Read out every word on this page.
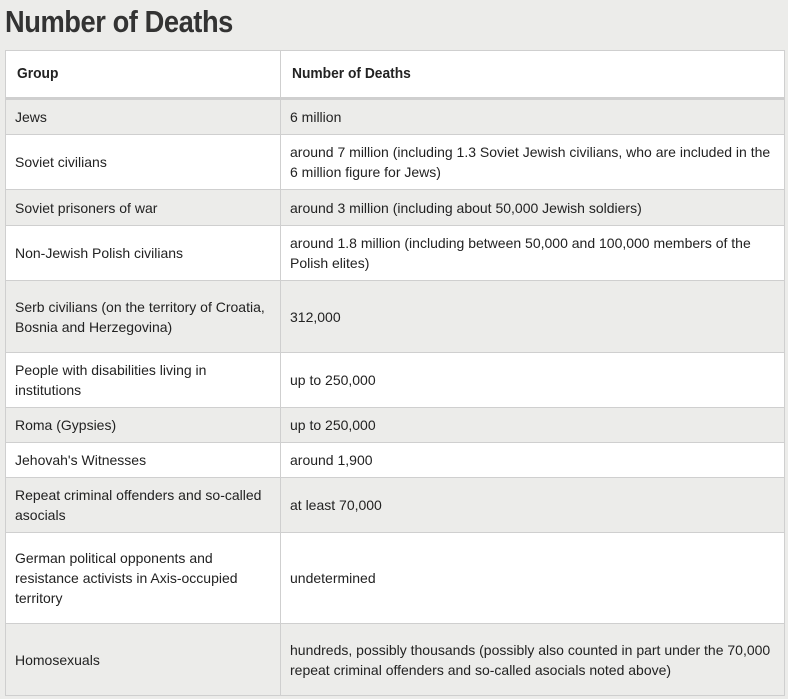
Number of Deaths
Group	Number of Deaths
Jews	6 million
Soviet civilians	around 7 million (including 1.3 Soviet Jewish civilians, who are included in the 6 million figure for Jews)
Soviet prisoners of war	around 3 million (including about 50,000 Jewish soldiers)
Non-Jewish Polish civilians	around 1.8 million (including between 50,000 and 100,000 members of the Polish elites)
Serb civilians (on the territory of Croatia, Bosnia and Herzegovina)	312,000
People with disabilities living in institutions	up to 250,000
Roma (Gypsies)	up to 250,000
Jehovah's Witnesses	around 1,900
Repeat criminal offenders and so-called asocials	at least 70,000
German political opponents and resistance activists in Axis-occupied territory	undetermined
Homosexuals	hundreds, possibly thousands (possibly also counted in part under the 70,000 repeat criminal offenders and so-called asocials noted above)
